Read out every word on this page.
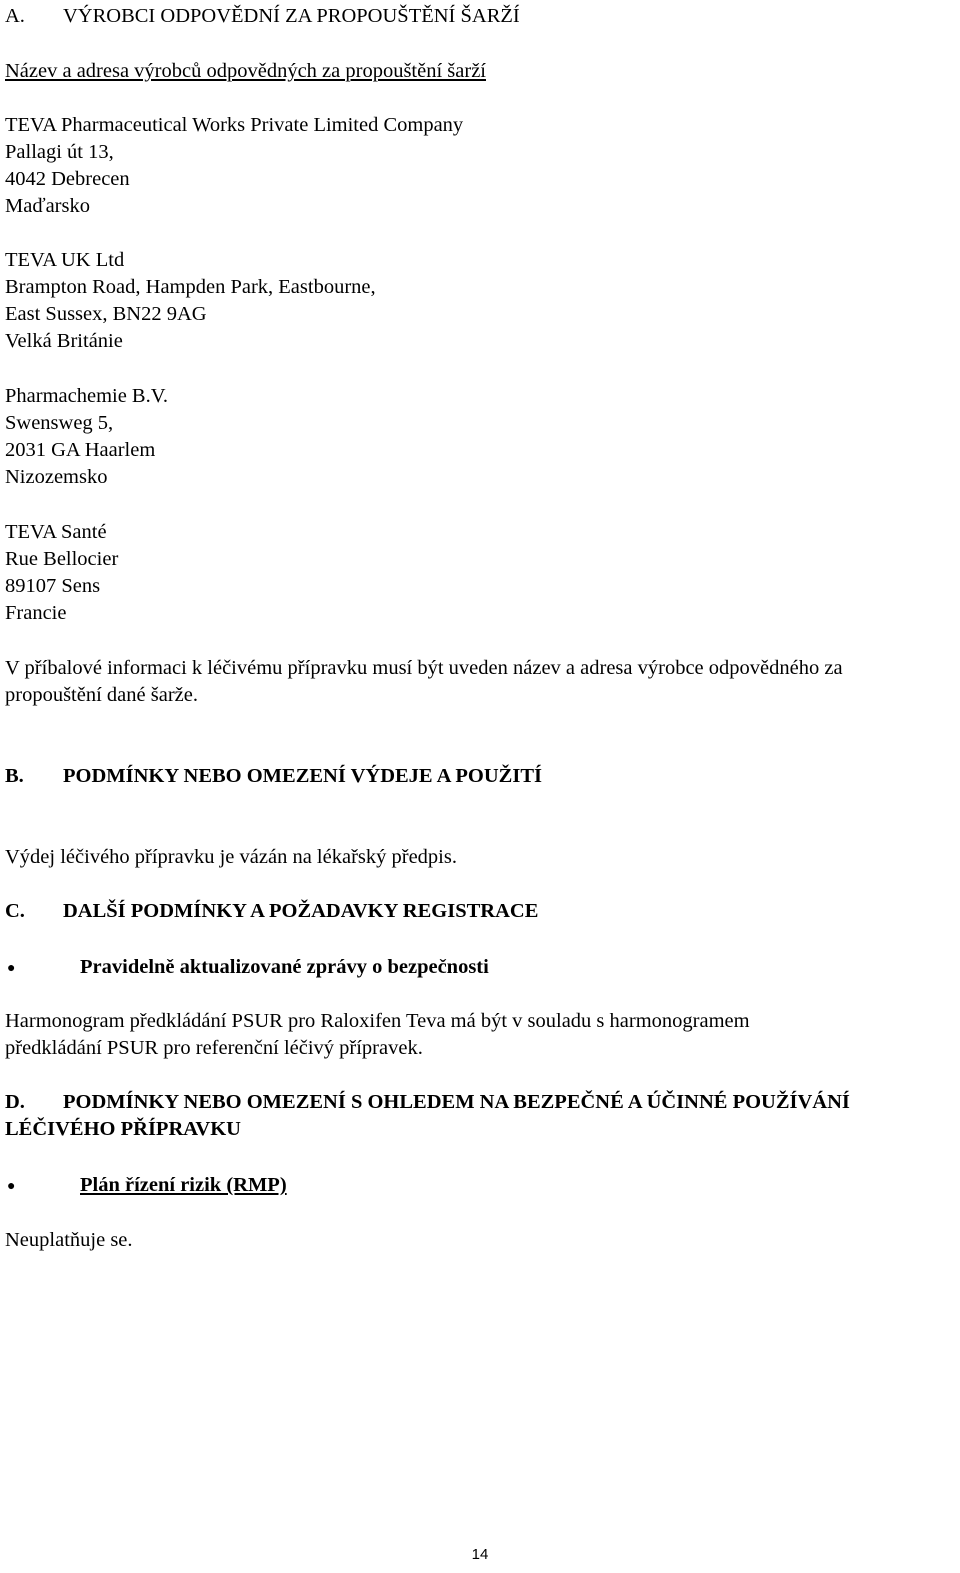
A. VÝROBCI ODPOVĚDNÍ ZA PROPOUŠTĚNÍ ŠARŽÍ
Název a adresa výrobců odpovědných za propouštění šarží
TEVA Pharmaceutical Works Private Limited Company
Pallagi út 13,
4042 Debrecen
Maďarsko
TEVA UK Ltd
Brampton Road, Hampden Park, Eastbourne,
East Sussex, BN22 9AG
Velká Británie
Pharmachemie B.V.
Swensweg 5,
2031 GA Haarlem
Nizozemsko
TEVA Santé
Rue Bellocier
89107 Sens
Francie
V příbalové informaci k léčivému přípravku musí být uveden název a adresa výrobce odpovědného za
propouštění dané šarže.
B. PODMÍNKY NEBO OMEZENÍ VÝDEJE A POUŽITÍ
Výdej léčivého přípravku je vázán na lékařský předpis.
C. DALŠÍ PODMÍNKY A POŽADAVKY REGISTRACE
●	Pravidelně aktualizované zprávy o bezpečnosti
Harmonogram předkládání PSUR pro Raloxifen Teva má být v souladu s harmonogramem
předkládání PSUR pro referenční léčivý přípravek.
D. PODMÍNKY NEBO OMEZENÍ S OHLEDEM NA BEZPEČNÉ A ÚČINNÉ POUŽÍVÁNÍ
LÉČIVÉHO PŘÍPRAVKU
●	Plán řízení rizik (RMP)
Neuplatňuje se.
14
